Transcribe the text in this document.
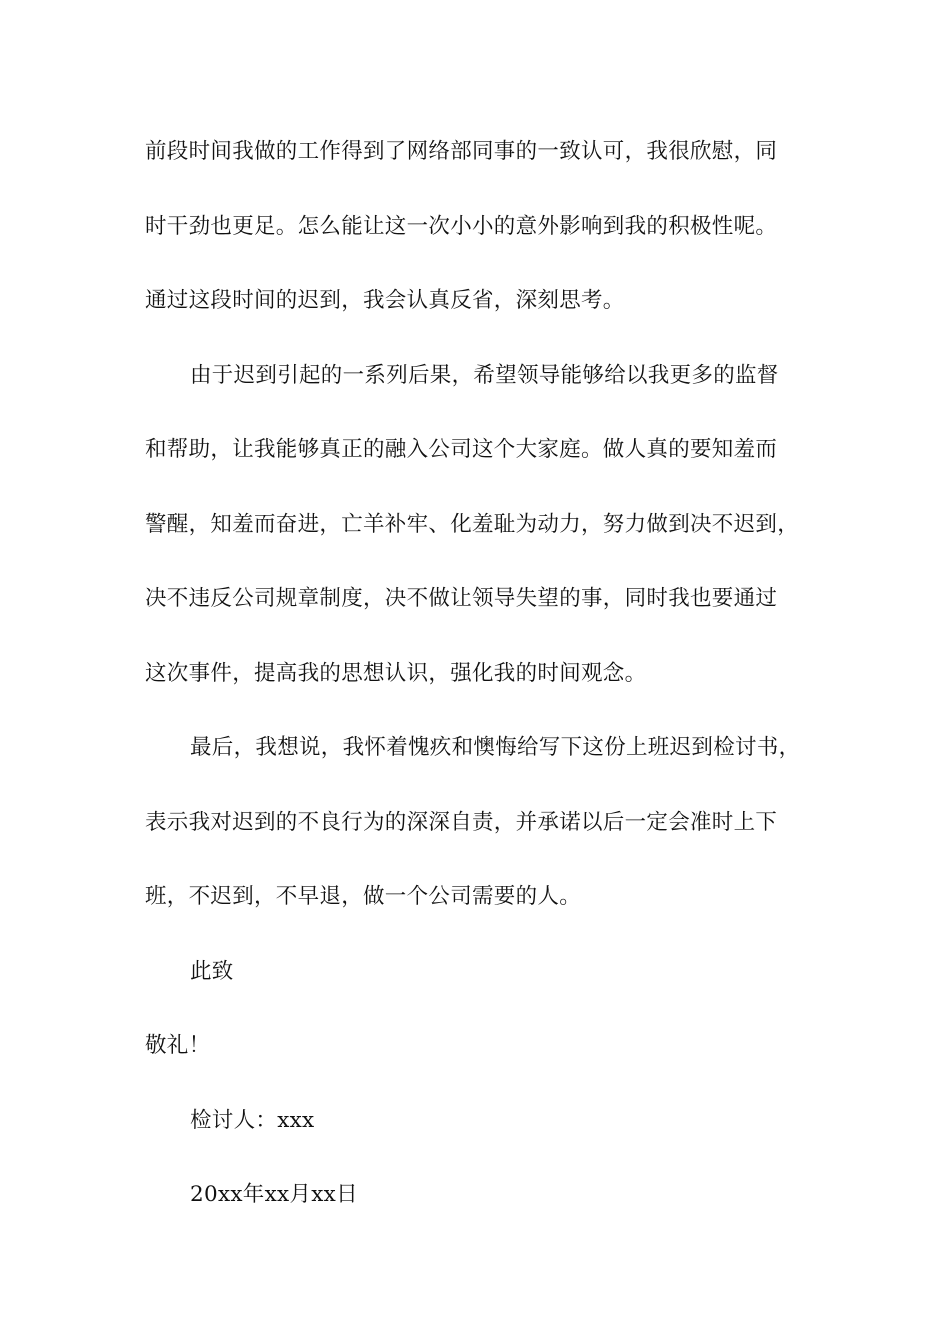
前段时间我做的工作得到了网络部同事的一致认可，我很欣慰，同
时干劲也更足。怎么能让这一次小小的意外影响到我的积极性呢。
通过这段时间的迟到，我会认真反省，深刻思考。
由于迟到引起的一系列后果，希望领导能够给以我更多的监督
和帮助，让我能够真正的融入公司这个大家庭。做人真的要知羞而
警醒，知羞而奋进，亡羊补牢、化羞耻为动力，努力做到决不迟到，
决不违反公司规章制度，决不做让领导失望的事，同时我也要通过
这次事件，提高我的思想认识，强化我的时间观念。
最后，我想说，我怀着愧疚和懊悔给写下这份上班迟到检讨书，
表示我对迟到的不良行为的深深自责，并承诺以后一定会准时上下
班，不迟到，不早退，做一个公司需要的人。
此致
敬礼！
检讨人：xxx
20xx年xx月xx日
